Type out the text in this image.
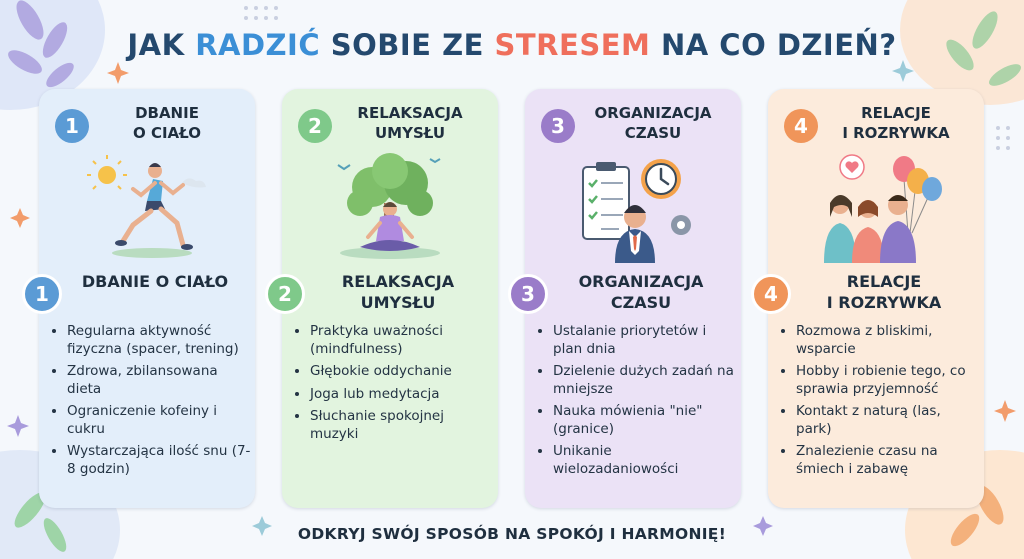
JAK RADZIĆ SOBIE ZE STRESEM NA CO DZIEŃ?
1
DBANIE
O CIAŁO
DBANIE O CIAŁO
• Regularna aktywność fizyczna (spacer, trening)
• Zdrowa, zbilansowana dieta
• Ograniczenie kofeiny i cukru
• Wystarczająca ilość snu (7-8 godzin)
2
RELAKSACJA
UMYSŁU
RELAKSACJA
UMYSŁU
• Praktyka uważności (mindfulness)
• Głębokie oddychanie
• Joga lub medytacja
• Słuchanie spokojnej muzyki
3
ORGANIZACJA
CZASU
ORGANIZACJA
CZASU
• Ustalanie priorytetów i plan dnia
• Dzielenie dużych zadań na mniejsze
• Nauka mówienia "nie" (granice)
• Unikanie wielozadaniowości
4
RELACJE
I ROZRYWKA
RELACJE
I ROZRYWKA
• Rozmowa z bliskimi, wsparcie
• Hobby i robienie tego, co sprawia przyjemność
• Kontakt z naturą (las, park)
• Znalezienie czasu na śmiech i zabawę
1	2	3	4
ODKRYJ SWÓJ SPOSÓB NA SPOKÓJ I HARMONIĘ!
